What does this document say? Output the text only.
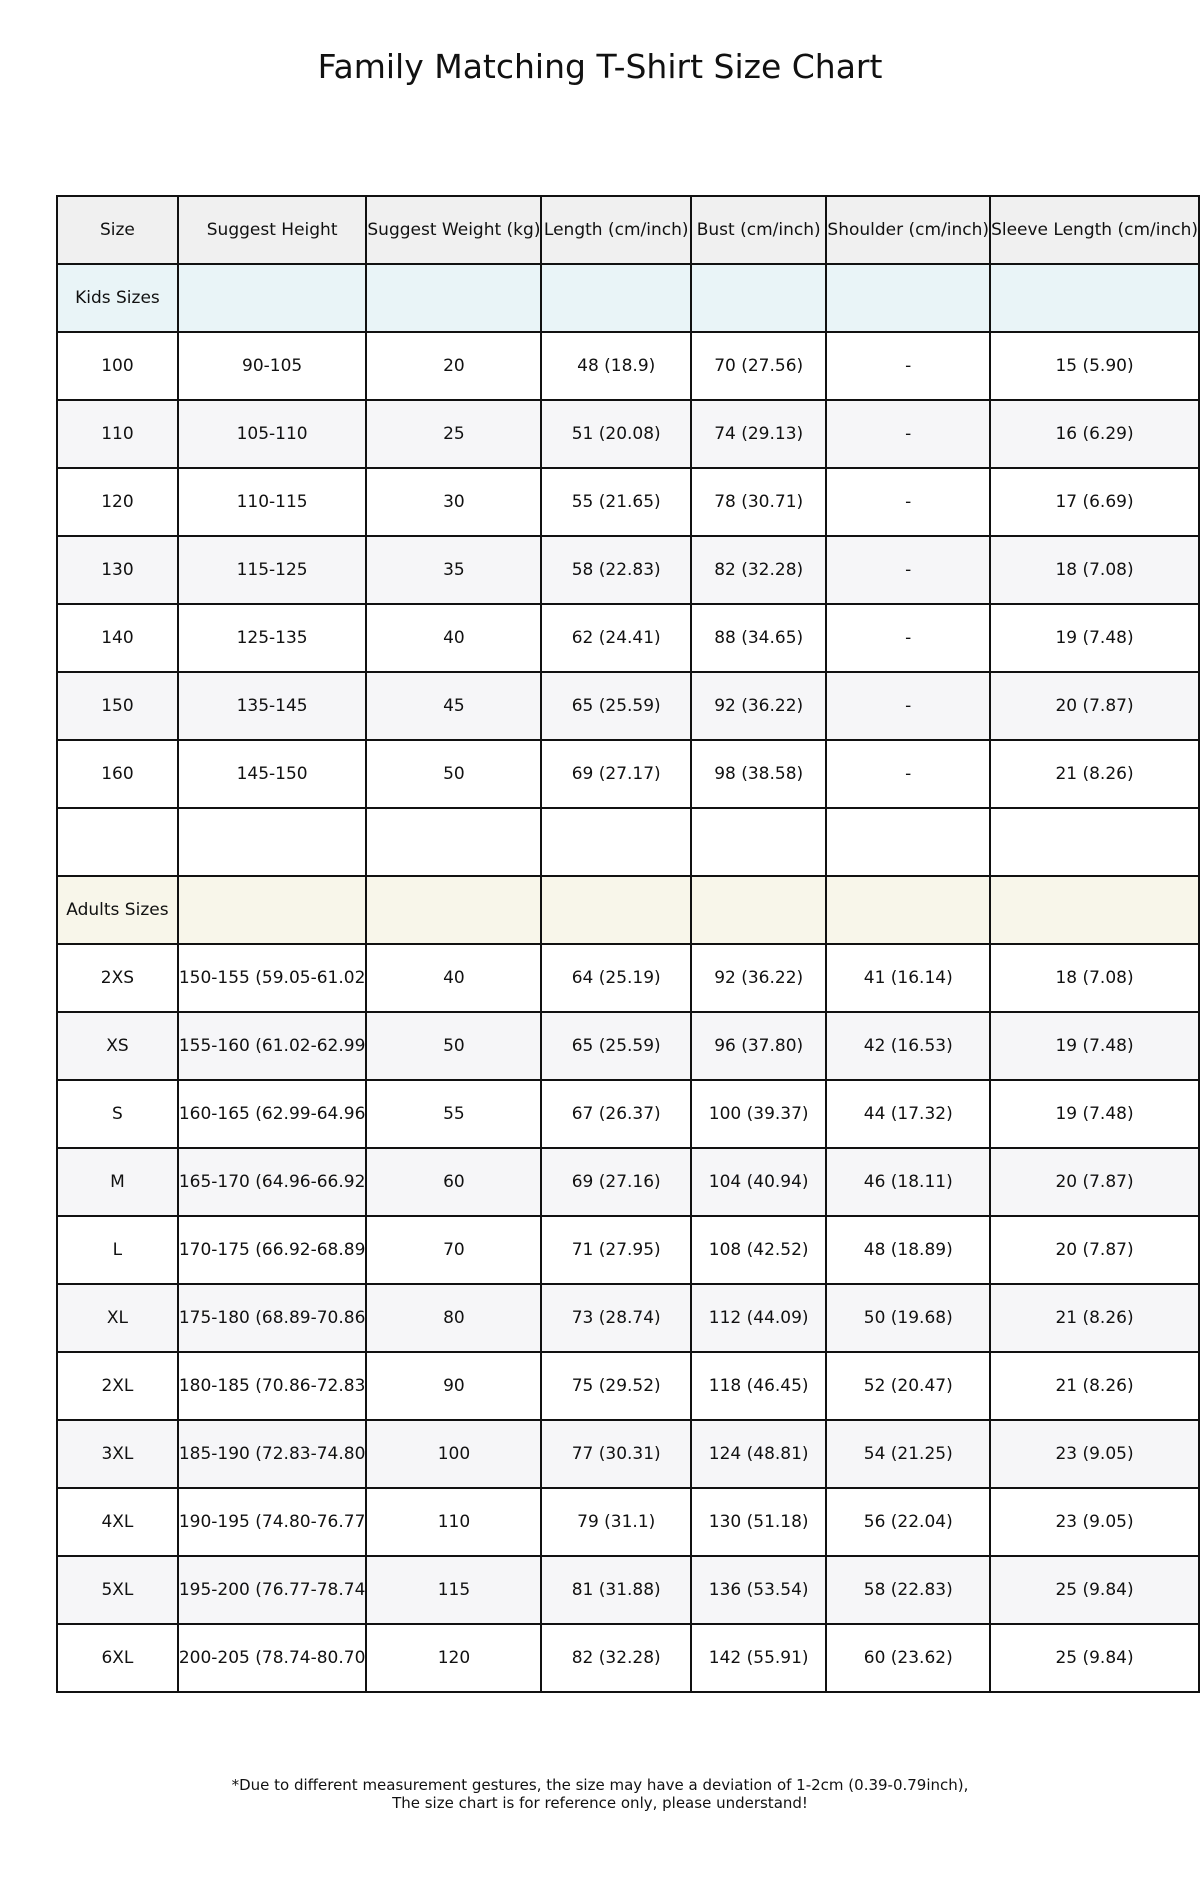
Family Matching T-Shirt Size Chart
Size	Suggest Height	Suggest Weight (kg)	Length (cm/inch)	Bust (cm/inch)	Shoulder (cm/inch)	Sleeve Length (cm/inch)
Kids Sizes						
100	90-105	20	48 (18.9)	70 (27.56)	-	15 (5.90)
110	105-110	25	51 (20.08)	74 (29.13)	-	16 (6.29)
120	110-115	30	55 (21.65)	78 (30.71)	-	17 (6.69)
130	115-125	35	58 (22.83)	82 (32.28)	-	18 (7.08)
140	125-135	40	62 (24.41)	88 (34.65)	-	19 (7.48)
150	135-145	45	65 (25.59)	92 (36.22)	-	20 (7.87)
160	145-150	50	69 (27.17)	98 (38.58)	-	21 (8.26)

Adults Sizes						
2XS	150-155 (59.05-61.02	40	64 (25.19)	92 (36.22)	41 (16.14)	18 (7.08)
XS	155-160 (61.02-62.99	50	65 (25.59)	96 (37.80)	42 (16.53)	19 (7.48)
S	160-165 (62.99-64.96	55	67 (26.37)	100 (39.37)	44 (17.32)	19 (7.48)
M	165-170 (64.96-66.92	60	69 (27.16)	104 (40.94)	46 (18.11)	20 (7.87)
L	170-175 (66.92-68.89	70	71 (27.95)	108 (42.52)	48 (18.89)	20 (7.87)
XL	175-180 (68.89-70.86	80	73 (28.74)	112 (44.09)	50 (19.68)	21 (8.26)
2XL	180-185 (70.86-72.83	90	75 (29.52)	118 (46.45)	52 (20.47)	21 (8.26)
3XL	185-190 (72.83-74.80	100	77 (30.31)	124 (48.81)	54 (21.25)	23 (9.05)
4XL	190-195 (74.80-76.77	110	79 (31.1)	130 (51.18)	56 (22.04)	23 (9.05)
5XL	195-200 (76.77-78.74	115	81 (31.88)	136 (53.54)	58 (22.83)	25 (9.84)
6XL	200-205 (78.74-80.70	120	82 (32.28)	142 (55.91)	60 (23.62)	25 (9.84)
*Due to different measurement gestures, the size may have a deviation of 1-2cm (0.39-0.79inch),
The size chart is for reference only, please understand!
